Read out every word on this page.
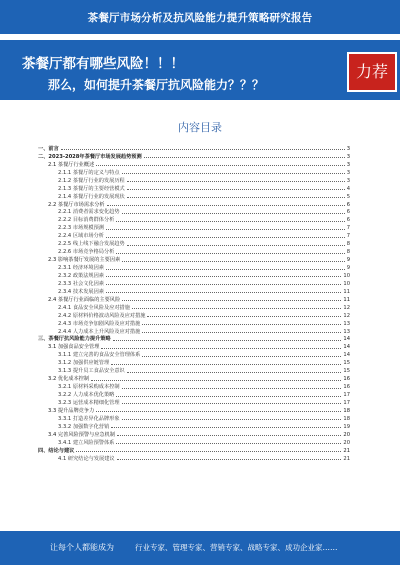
茶餐厅市场分析及抗风险能力提升策略研究报告
茶餐厅都有哪些风险！！！
那么，如何提升茶餐厅抗风险能力？？？
力荐
内容目录
一、前言	3
二、2023-2028年茶餐厅市场发展趋势预测	3
2.1 茶餐厅行业概述	3
2.1.1 茶餐厅的定义与特点	3
2.1.2 茶餐厅行业的发展历程	3
2.1.3 茶餐厅的主要经营模式	4
2.1.4 茶餐厅行业的发展现状	5
2.2 茶餐厅市场需求分析	6
2.2.1 消费者需求变化趋势	6
2.2.2 目标消费群体分析	6
2.2.3 市场规模预测	7
2.2.4 区域市场分析	7
2.2.5 线上线下融合发展趋势	8
2.2.6 市场竞争格局分析	8
2.3 影响茶餐厅发展的主要因素	9
2.3.1 经济环境因素	9
2.3.2 政策法规因素	10
2.3.3 社会文化因素	10
2.3.4 技术发展因素	11
2.4 茶餐厅行业面临的主要风险	11
2.4.1 食品安全风险及应对措施	12
2.4.2 原材料价格波动风险及应对措施	12
2.4.3 市场竞争加剧风险及应对措施	13
2.4.4 人力成本上升风险及应对措施	13
三、茶餐厅抗风险能力提升策略	14
3.1 加强食品安全管理	14
3.1.1 建立完善的食品安全管理体系	14
3.1.2 加强供应链管理	15
3.1.3 提升员工食品安全意识	15
3.2 优化成本控制	16
3.2.1 原材料采购成本控制	16
3.2.2 人力成本优化策略	17
3.2.3 运营成本精细化管理	17
3.3 提升品牌竞争力	18
3.3.1 打造差异化品牌形象	18
3.3.2 加强数字化营销	19
3.4 完善风险预警与应急机制	20
3.4.1 建立风险预警体系	20
四、结论与建议	21
4.1 研究结论与发展建议	21
让每个人都能成为	行业专家、管理专家、营销专家、战略专家、成功企业家……
